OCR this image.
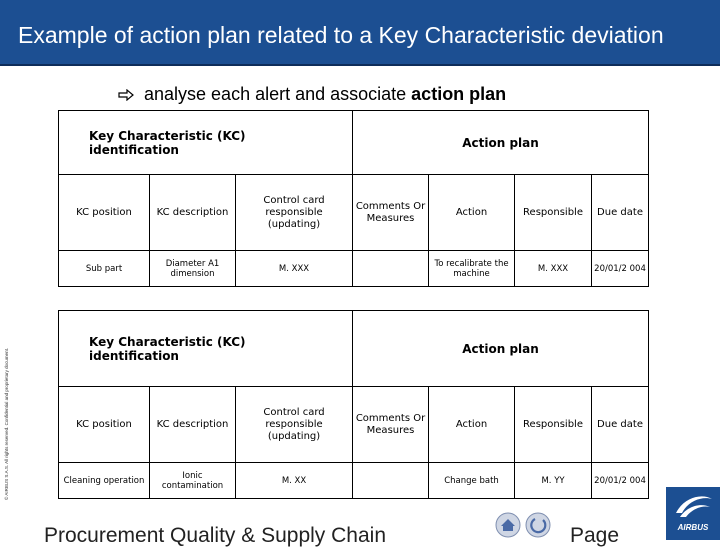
Example of action plan related to a Key Characteristic deviation
analyse each alert and associate action plan
Key Characteristic (KC)
identification			Action plan			
KC position	KC description	Control card responsible (updating)	Comments Or Measures	Action	Responsible	Due date
Sub part	Diameter A1 dimension	M. XXX		To recalibrate the machine	M. XXX	20/01/2 004
Key Characteristic (KC)
identification			Action plan			
KC position	KC description	Control card responsible (updating)	Comments Or Measures	Action	Responsible	Due date
Cleaning operation	Ionic contamination	M. XX		Change bath	M. YY	20/01/2 004
© AIRBUS S.A.S. All rights reserved. Confidential and proprietary document.
Procurement Quality & Supply Chain	Page	AIRBUS
